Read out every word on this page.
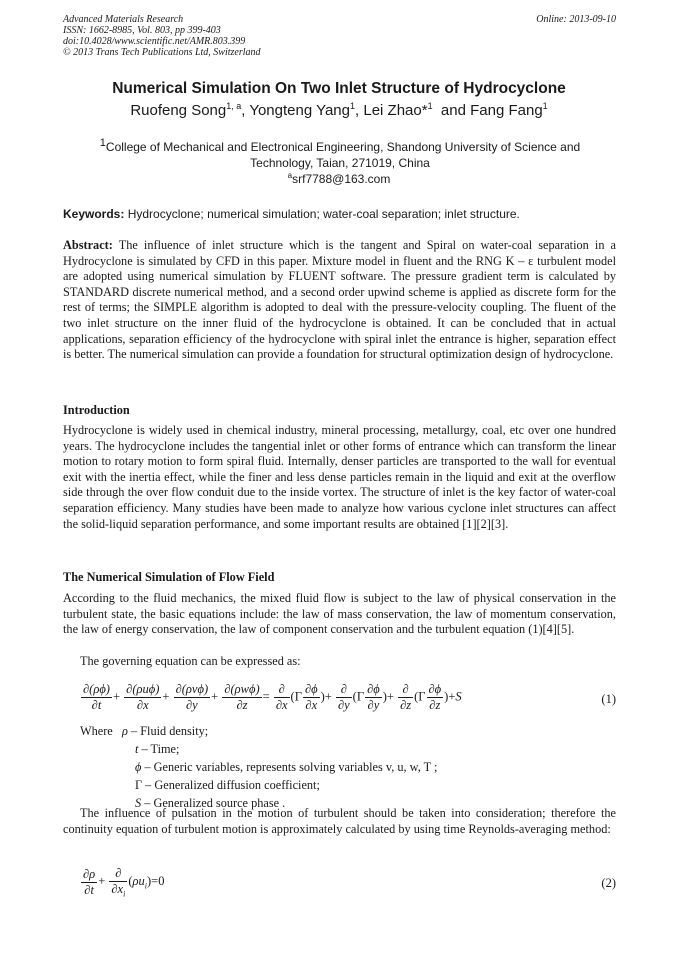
Advanced Materials Research
ISSN: 1662-8985, Vol. 803, pp 399-403
doi:10.4028/www.scientific.net/AMR.803.399
© 2013 Trans Tech Publications Ltd, Switzerland
Online: 2013-09-10
Numerical Simulation On Two Inlet Structure of Hydrocyclone
Ruofeng Song$^{1, a}$, Yongteng Yang$^1$, Lei Zhao*$^1$  and Fang Fang$^1$
$^1$College of Mechanical and Electronical Engineering, Shandong University of Science and
Technology, Taian, 271019, China
$^a$srf7788@163.com
Keywords: Hydrocyclone; numerical simulation; water-coal separation; inlet structure.
Abstract: The influence of inlet structure which is the tangent and Spiral on water-coal separation in a Hydrocyclone is simulated by CFD in this paper. Mixture model in fluent and the RNG K – ε turbulent model are adopted using numerical simulation by FLUENT software. The pressure gradient term is calculated by STANDARD discrete numerical method, and a second order upwind scheme is applied as discrete form for the rest of terms; the SIMPLE algorithm is adopted to deal with the pressure-velocity coupling. The fluent of the two inlet structure on the inner fluid of the hydrocyclone is obtained. It can be concluded that in actual applications, separation efficiency of the hydrocyclone with spiral inlet the entrance is higher, separation effect is better. The numerical simulation can provide a foundation for structural optimization design of hydrocyclone.
Introduction
Hydrocyclone is widely used in chemical industry, mineral processing, metallurgy, coal, etc over one hundred years. The hydrocyclone includes the tangential inlet or other forms of entrance which can transform the linear motion to rotary motion to form spiral fluid. Internally, denser particles are transported to the wall for eventual exit with the inertia effect, while the finer and less dense particles remain in the liquid and exit at the overflow side through the over flow conduit due to the inside vortex. The structure of inlet is the key factor of water-coal separation efficiency. Many studies have been made to analyze how various cyclone inlet structures can affect the solid-liquid separation performance, and some important results are obtained [1][2][3].
The Numerical Simulation of Flow Field
According to the fluid mechanics, the mixed fluid flow is subject to the law of physical conservation in the turbulent state, the basic equations include: the law of mass conservation, the law of momentum conservation, the law of energy conservation, the law of component conservation and the turbulent equation (1)[4][5].
The governing equation can be expressed as:
$\frac{\partial(\rho\phi)}{\partial t} + \frac{\text{∂(ρuϕ)}}{\partial x} + \frac{\text{∂(ρvϕ)}}{\partial y} + \frac{\text{∂(ρwϕ)}}{\partial z} = \frac{\partial}{\partial x} (\Gamma \frac{\partial\phi}{\partial x}$ )+ $\frac{\partial}{\partial y} (\Gamma \frac{\partial\phi}{\partial y}$ )+ $\frac{\partial}{\partial z} (\Gamma \frac{\partial\phi}{\partial z} )+S$	(1)
Where ρ – Fluid density;
t – Time;
ϕ – Generic variables, represents solving variables v, u, w, T ;
Γ – Generalized diffusion coefficient;
S – Generalized source phase .
The influence of pulsation in the motion of turbulent should be taken into consideration; therefore the continuity equation of turbulent motion is approximately calculated by using time Reynolds-averaging method:
$\frac{\partial\rho}{\partial t} + \frac{\partial}{\partial x_i} (\rho u_i)=0$	(2)
